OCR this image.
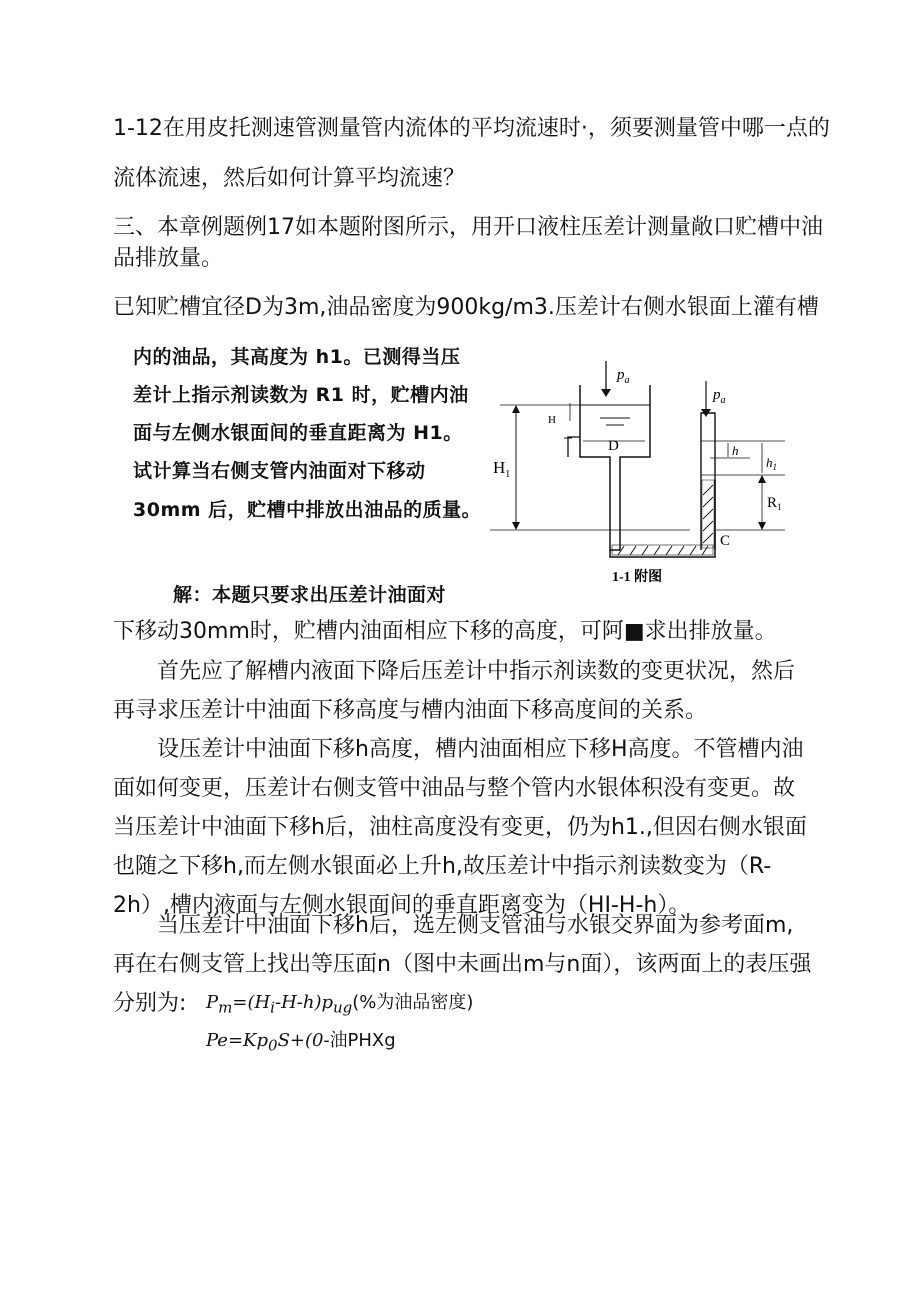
1-12在用皮托测速管测量管内流体的平均流速时·，须要测量管中哪一点的
流体流速，然后如何计算平均流速？
三、本章例题例17如本题附图所示，用开口液柱压差计测量敞口贮槽中油
品排放量。
已知贮槽宜径D为3m,油品密度为900kg∕m3.压差计右侧水银面上灌有槽
内的油品，其高度为 h1。已测得当压
差计上指示剂读数为 R1 时，贮槽内油
面与左侧水银面间的垂直距离为 H1。
试计算当右侧支管内油面对下移动
30mm 后，贮槽中排放出油品的质量。
解：本题只要求出压差计油面对
$p_a$
D
H
$H_1$
$p_a$
h
$h_1$
$R_1$
C
1-1 附图
下移动30mm时，贮槽内油面相应下移的高度，可阿■求出排放量。
首先应了解槽内液面下降后压差计中指示剂读数的变更状况，然后再寻求压差计中油面下移高度与槽内油面下移高度间的关系。
设压差计中油面下移h高度，槽内油面相应下移H高度。不管槽内油面如何变更，压差计右侧支管中油品与整个管内水银体积没有变更。故当压差计中油面下移h后，油柱高度没有变更，仍为h1.,但因右侧水银面也随之下移h,而左侧水银面必上升h,故压差计中指示剂读数变为（R-2h）,槽内液面与左侧水银面间的垂直距离变为（HI-H-h）。
当压差计中油面下移h后，选左侧支管油与水银交界面为参考面m,再在右侧支管上找出等压面n（图中未画出m与n面），该两面上的表压强分别为:	$P_m=(H_i-H-h)p_{ug}(\%$为油品密度)
$Pe=Kp_0S+(0-$油PHXg
